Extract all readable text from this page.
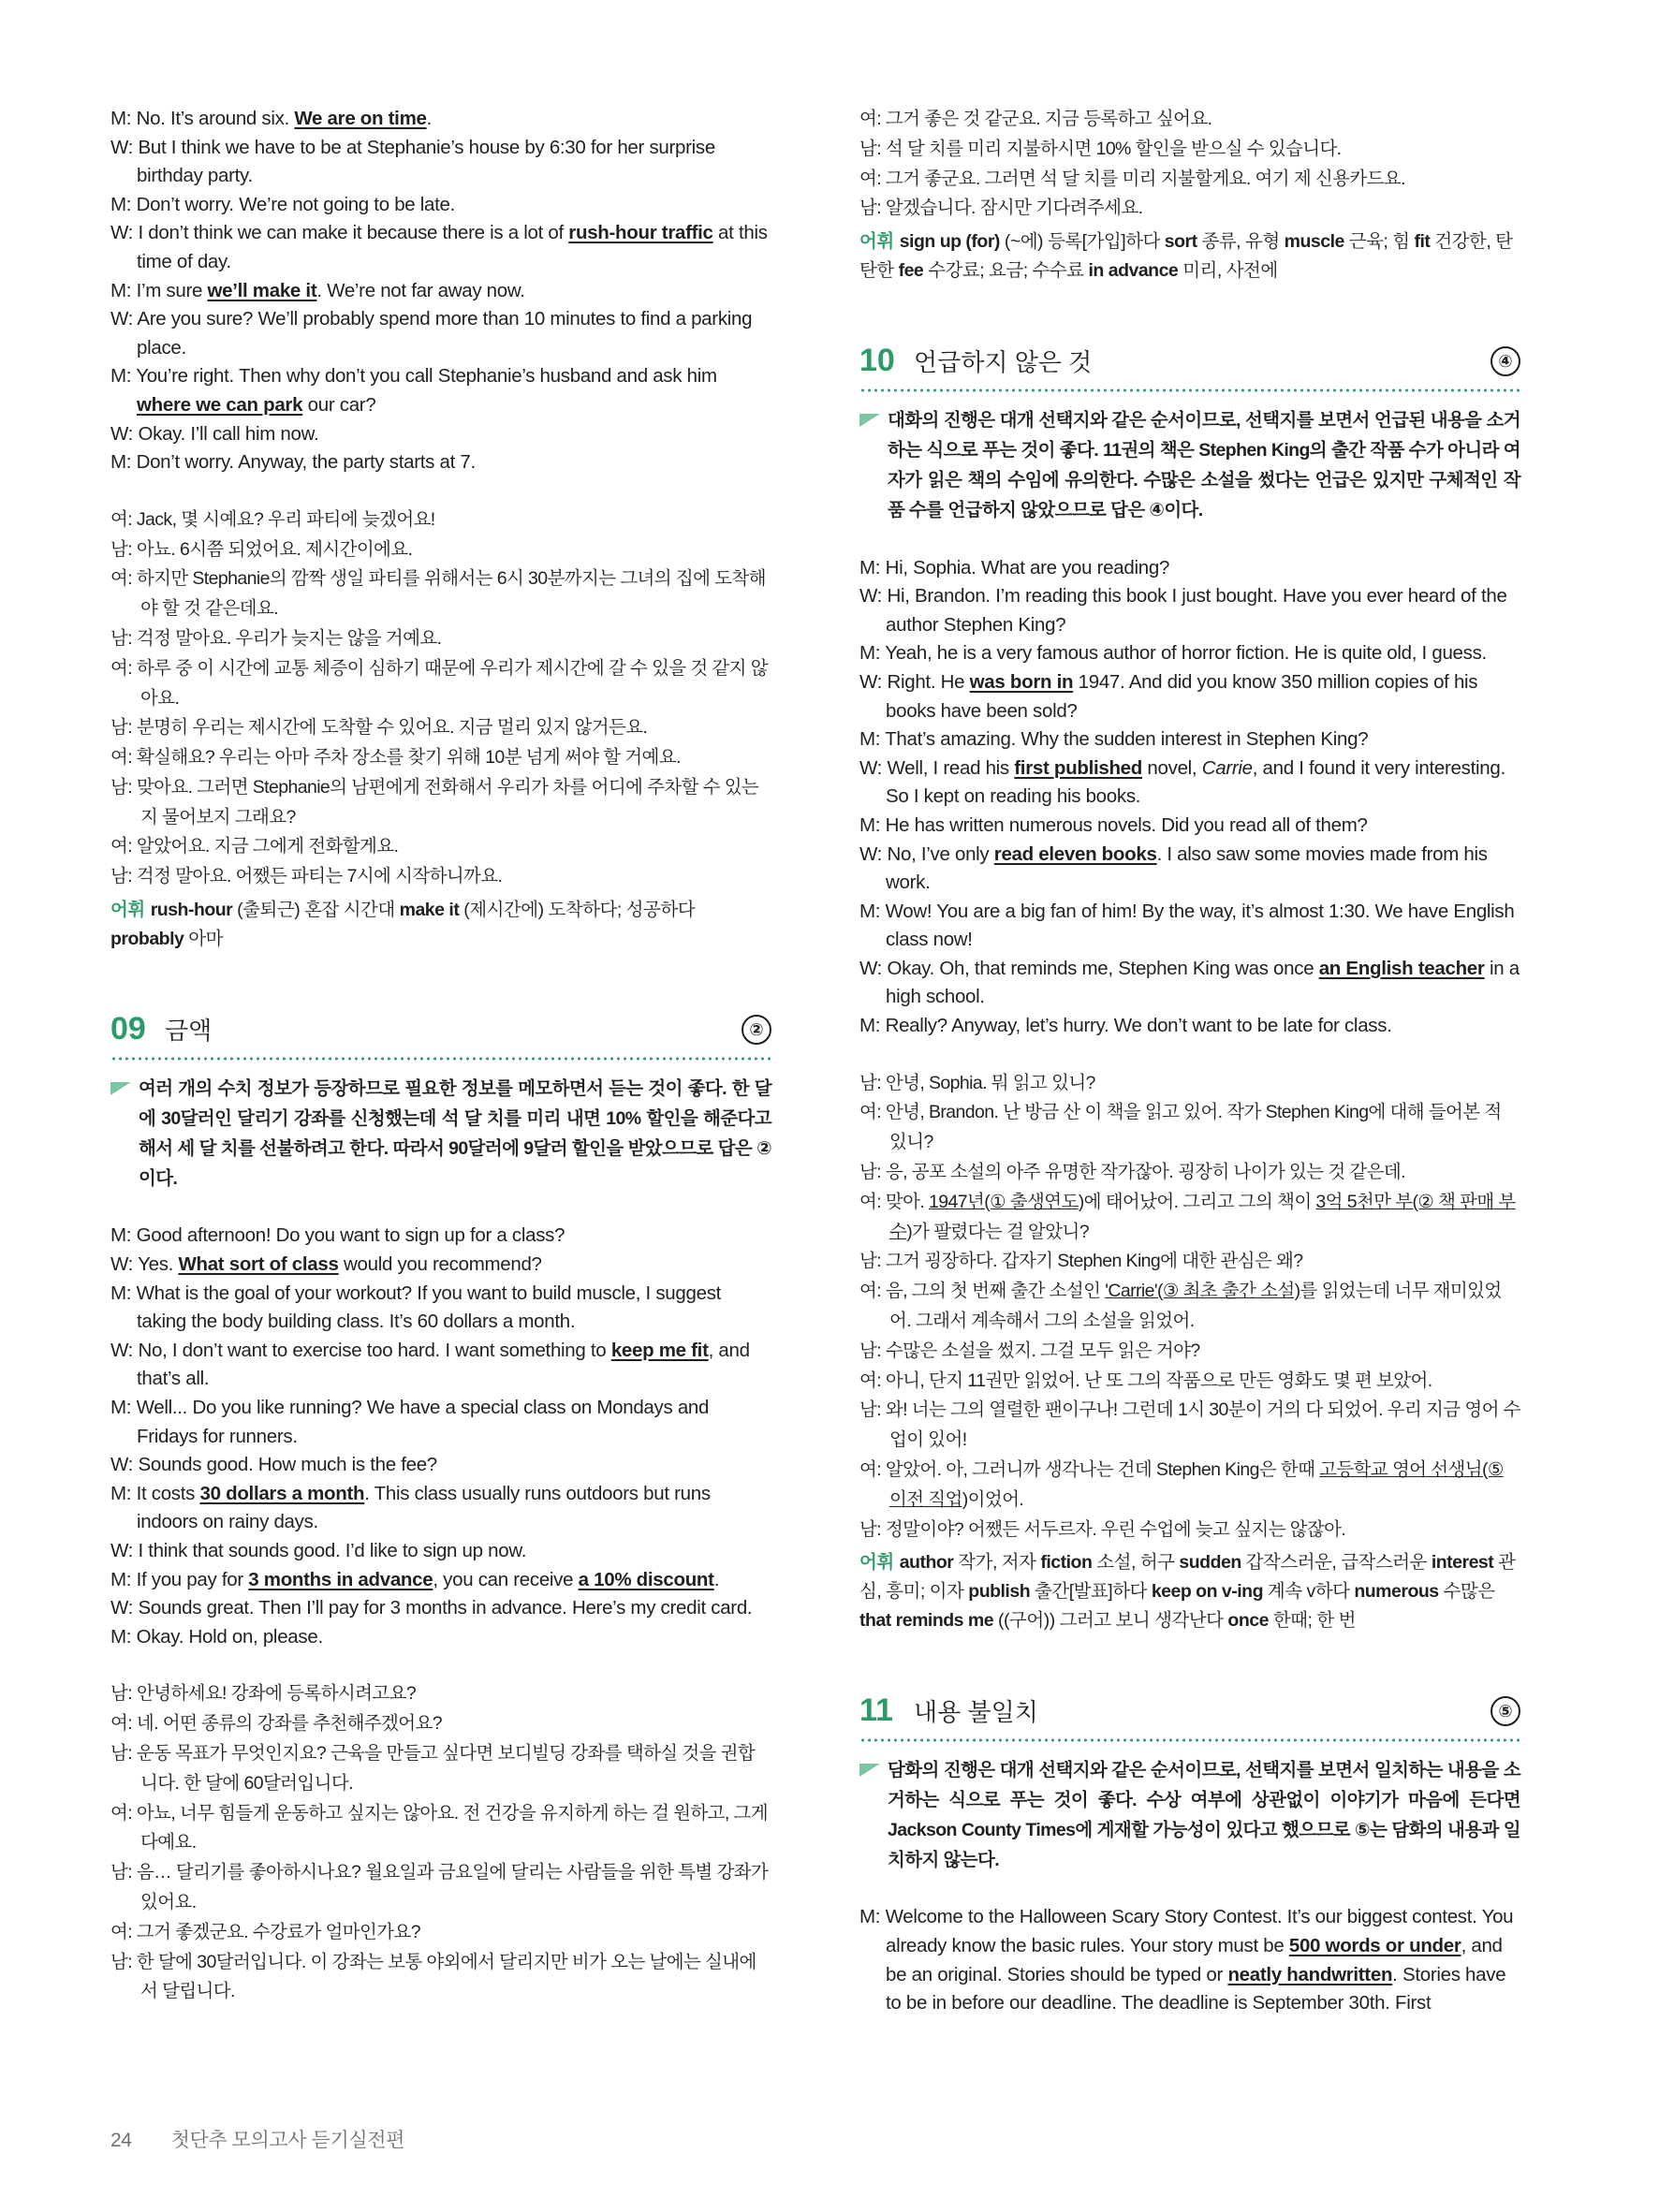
M: No. It’s around six. We are on time.
W: But I think we have to be at Stephanie’s house by 6:30 for her surprise birthday party.
M: Don’t worry. We’re not going to be late.
W: I don’t think we can make it because there is a lot of rush-hour traffic at this time of day.
M: I’m sure we’ll make it. We’re not far away now.
W: Are you sure? We’ll probably spend more than 10 minutes to find a parking place.
M: You’re right. Then why don’t you call Stephanie’s husband and ask him where we can park our car?
W: Okay. I’ll call him now.
M: Don’t worry. Anyway, the party starts at 7.
여: Jack, 몇 시예요? 우리 파티에 늦겠어요!
남: 아뇨. 6시쯤 되었어요. 제시간이에요.
여: 하지만 Stephanie의 깜짝 생일 파티를 위해서는 6시 30분까지는 그녀의 집에 도착해야 할 것 같은데요.
남: 걱정 말아요. 우리가 늦지는 않을 거예요.
여: 하루 중 이 시간에 교통 체증이 심하기 때문에 우리가 제시간에 갈 수 있을 것 같지 않아요.
남: 분명히 우리는 제시간에 도착할 수 있어요. 지금 멀리 있지 않거든요.
여: 확실해요? 우리는 아마 주차 장소를 찾기 위해 10분 넘게 써야 할 거예요.
남: 맞아요. 그러면 Stephanie의 남편에게 전화해서 우리가 차를 어디에 주차할 수 있는지 물어보지 그래요?
여: 알았어요. 지금 그에게 전화할게요.
남: 걱정 말아요. 어쨌든 파티는 7시에 시작하니까요.
어휘 rush-hour (출퇴근) 혼잡 시간대 make it (제시간에) 도착하다; 성공하다 probably 아마
09 금액	②
여러 개의 수치 정보가 등장하므로 필요한 정보를 메모하면서 듣는 것이 좋다. 한 달에 30달러인 달리기 강좌를 신청했는데 석 달 치를 미리 내면 10% 할인을 해준다고 해서 세 달 치를 선불하려고 한다. 따라서 90달러에 9달러 할인을 받았으므로 답은 ②이다.
M: Good afternoon! Do you want to sign up for a class?
W: Yes. What sort of class would you recommend?
M: What is the goal of your workout? If you want to build muscle, I suggest taking the body building class. It’s 60 dollars a month.
W: No, I don’t want to exercise too hard. I want something to keep me fit, and that’s all.
M: Well... Do you like running? We have a special class on Mondays and Fridays for runners.
W: Sounds good. How much is the fee?
M: It costs 30 dollars a month. This class usually runs outdoors but runs indoors on rainy days.
W: I think that sounds good. I’d like to sign up now.
M: If you pay for 3 months in advance, you can receive a 10% discount.
W: Sounds great. Then I’ll pay for 3 months in advance. Here’s my credit card.
M: Okay. Hold on, please.
남: 안녕하세요! 강좌에 등록하시려고요?
여: 네. 어떤 종류의 강좌를 추천해주겠어요?
남: 운동 목표가 무엇인지요? 근육을 만들고 싶다면 보디빌딩 강좌를 택하실 것을 권합니다. 한 달에 60달러입니다.
여: 아뇨, 너무 힘들게 운동하고 싶지는 않아요. 전 건강을 유지하게 하는 걸 원하고, 그게 다예요.
남: 음… 달리기를 좋아하시나요? 월요일과 금요일에 달리는 사람들을 위한 특별 강좌가 있어요.
여: 그거 좋겠군요. 수강료가 얼마인가요?
남: 한 달에 30달러입니다. 이 강좌는 보통 야외에서 달리지만 비가 오는 날에는 실내에서 달립니다.
여: 그거 좋은 것 같군요. 지금 등록하고 싶어요.
남: 석 달 치를 미리 지불하시면 10% 할인을 받으실 수 있습니다.
여: 그거 좋군요. 그러면 석 달 치를 미리 지불할게요. 여기 제 신용카드요.
남: 알겠습니다. 잠시만 기다려주세요.
어휘 sign up (for) (~에) 등록[가입]하다 sort 종류, 유형 muscle 근육; 힘 fit 건강한, 탄탄한 fee 수강료; 요금; 수수료 in advance 미리, 사전에
10 언급하지 않은 것	④
대화의 진행은 대개 선택지와 같은 순서이므로, 선택지를 보면서 언급된 내용을 소거하는 식으로 푸는 것이 좋다. 11권의 책은 Stephen King의 출간 작품 수가 아니라 여자가 읽은 책의 수임에 유의한다. 수많은 소설을 썼다는 언급은 있지만 구체적인 작품 수를 언급하지 않았으므로 답은 ④이다.
M: Hi, Sophia. What are you reading?
W: Hi, Brandon. I’m reading this book I just bought. Have you ever heard of the author Stephen King?
M: Yeah, he is a very famous author of horror fiction. He is quite old, I guess.
W: Right. He was born in 1947. And did you know 350 million copies of his books have been sold?
M: That’s amazing. Why the sudden interest in Stephen King?
W: Well, I read his first published novel, Carrie, and I found it very interesting. So I kept on reading his books.
M: He has written numerous novels. Did you read all of them?
W: No, I’ve only read eleven books. I also saw some movies made from his work.
M: Wow! You are a big fan of him! By the way, it’s almost 1:30. We have English class now!
W: Okay. Oh, that reminds me, Stephen King was once an English teacher in a high school.
M: Really? Anyway, let’s hurry. We don’t want to be late for class.
남: 안녕, Sophia. 뭐 읽고 있니?
여: 안녕, Brandon. 난 방금 산 이 책을 읽고 있어. 작가 Stephen King에 대해 들어본 적 있니?
남: 응, 공포 소설의 아주 유명한 작가잖아. 굉장히 나이가 있는 것 같은데.
여: 맞아. 1947년(① 출생연도)에 태어났어. 그리고 그의 책이 3억 5천만 부(② 책 판매 부수)가 팔렸다는 걸 알았니?
남: 그거 굉장하다. 갑자기 Stephen King에 대한 관심은 왜?
여: 음, 그의 첫 번째 출간 소설인 'Carrie'(③ 최초 출간 소설)를 읽었는데 너무 재미있었어. 그래서 계속해서 그의 소설을 읽었어.
남: 수많은 소설을 썼지. 그걸 모두 읽은 거야?
여: 아니, 단지 11권만 읽었어. 난 또 그의 작품으로 만든 영화도 몇 편 보았어.
남: 와! 너는 그의 열렬한 팬이구나! 그런데 1시 30분이 거의 다 되었어. 우리 지금 영어 수업이 있어!
여: 알았어. 아, 그러니까 생각나는 건데 Stephen King은 한때 고등학교 영어 선생님(⑤ 이전 직업)이었어.
남: 정말이야? 어쨌든 서두르자. 우린 수업에 늦고 싶지는 않잖아.
어휘 author 작가, 저자 fiction 소설, 허구 sudden 갑작스러운, 급작스러운 interest 관심, 흥미; 이자 publish 출간[발표]하다 keep on v-ing 계속 v하다 numerous 수많은 that reminds me ((구어)) 그러고 보니 생각난다 once 한때; 한 번
11 내용 불일치	⑤
담화의 진행은 대개 선택지와 같은 순서이므로, 선택지를 보면서 일치하는 내용을 소거하는 식으로 푸는 것이 좋다. 수상 여부에 상관없이 이야기가 마음에 든다면 Jackson County Times에 게재할 가능성이 있다고 했으므로 ⑤는 담화의 내용과 일치하지 않는다.
M: Welcome to the Halloween Scary Story Contest. It’s our biggest contest. You already know the basic rules. Your story must be 500 words or under, and be an original. Stories should be typed or neatly handwritten. Stories have to be in before our deadline. The deadline is September 30th. First
24 첫단추 모의고사 듣기실전편
